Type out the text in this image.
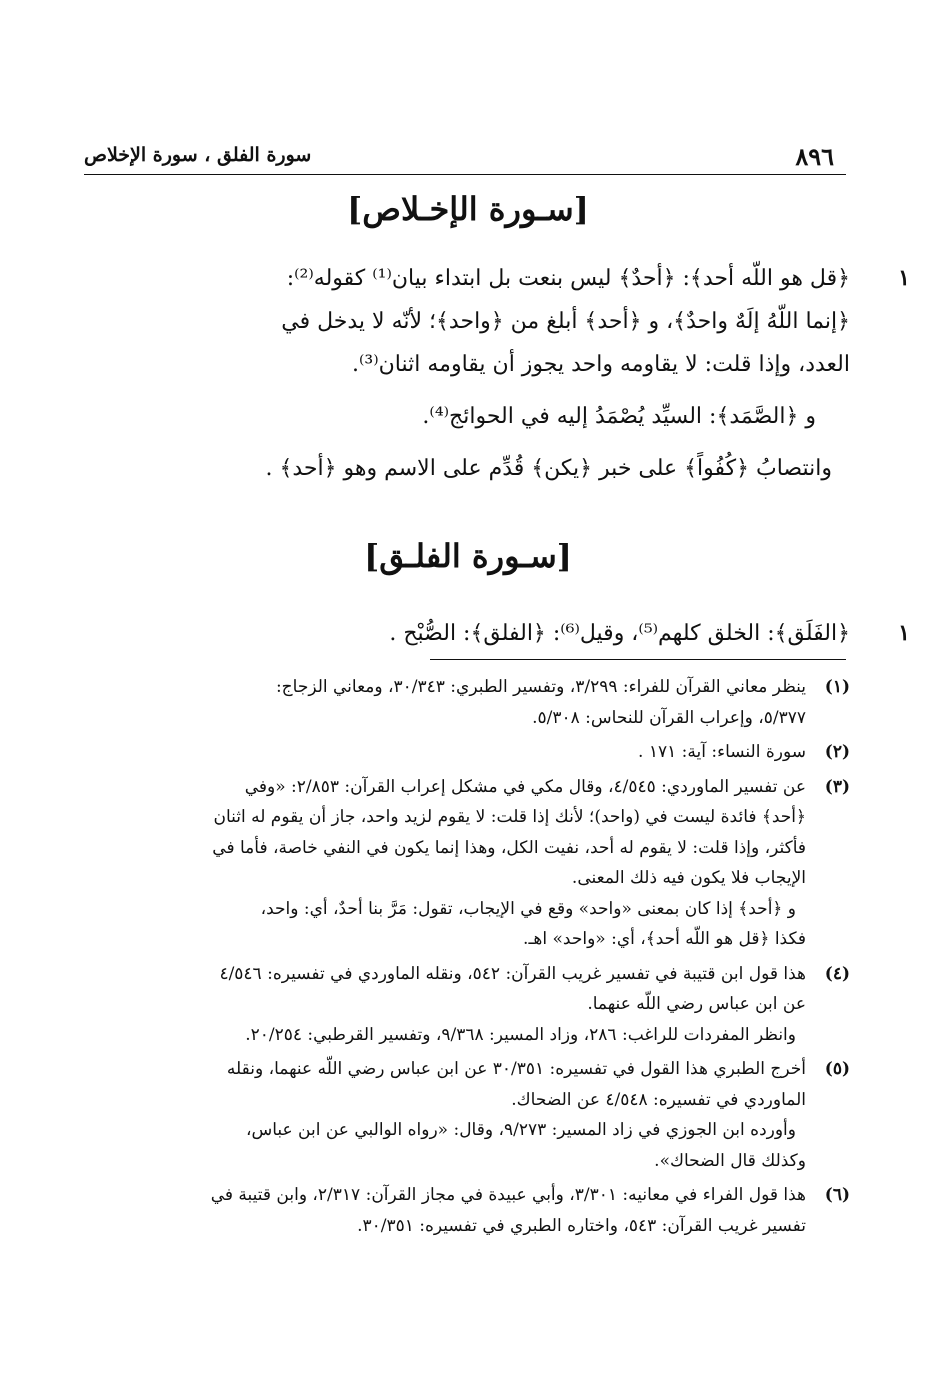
٨٩٦
سورة الفلق ، سورة الإخلاص
[سـورة الإخـلاص]
١
﴿قل هو اللّه أحد﴾: ﴿أحدٌ﴾ ليس بنعت بل ابتداء بيان⁽¹⁾ كقوله⁽²⁾:
﴿إنما اللّهُ إلَهٌ واحدٌ﴾، و ﴿أحد﴾ أبلغ من ﴿واحد﴾؛ لأنّه لا يدخل في
العدد، وإذا قلت: لا يقاومه واحد يجوز أن يقاومه اثنان⁽³⁾.
و ﴿الصَّمَد﴾: السيِّد يُصْمَدُ إليه في الحوائج⁽⁴⁾.
وانتصابُ ﴿كُفُواً﴾ على خبر ﴿يكن﴾ قُدِّم على الاسم وهو ﴿أحد﴾ .
[سـورة الفلـق]
١
﴿الفَلَق﴾: الخلق كلهم⁽⁵⁾، وقيل⁽⁶⁾: ﴿الفلق﴾: الصُّبْح .
(١)
ينظر معاني القرآن للفراء: ٣/٢٩٩، وتفسير الطبري: ٣٠/٣٤٣، ومعاني الزجاج:
٥/٣٧٧، وإعراب القرآن للنحاس: ٥/٣٠٨.
(٢)
سورة النساء: آية: ١٧١ .
(٣)
عن تفسير الماوردي: ٤/٥٤٥، وقال مكي في مشكل إعراب القرآن: ٢/٨٥٣: «وفي
﴿أحد﴾ فائدة ليست في (واحد)؛ لأنك إذا قلت: لا يقوم لزيد واحد، جاز أن يقوم له اثنان
فأكثر، وإذا قلت: لا يقوم له أحد، نفيت الكل، وهذا إنما يكون في النفي خاصة، فأما في
الإيجاب فلا يكون فيه ذلك المعنى.
و ﴿أحد﴾ إذا كان بمعنى «واحد» وقع في الإيجاب، تقول: مَرَّ بنا أحدٌ، أي: واحد،
فكذا ﴿قل هو اللّه أحد﴾، أي: «واحد» اهـ.
(٤)
هذا قول ابن قتيبة في تفسير غريب القرآن: ٥٤٢، ونقله الماوردي في تفسيره: ٤/٥٤٦
عن ابن عباس رضي اللّه عنهما.
وانظر المفردات للراغب: ٢٨٦، وزاد المسير: ٩/٣٦٨، وتفسير القرطبي: ٢٠/٢٥٤.
(٥)
أخرج الطبري هذا القول في تفسيره: ٣٠/٣٥١ عن ابن عباس رضي اللّه عنهما، ونقله
الماوردي في تفسيره: ٤/٥٤٨ عن الضحاك.
وأورده ابن الجوزي في زاد المسير: ٩/٢٧٣، وقال: «رواه الوالبي عن ابن عباس،
وكذلك قال الضحاك».
(٦)
هذا قول الفراء في معانيه: ٣/٣٠١، وأبي عبيدة في مجاز القرآن: ٢/٣١٧، وابن قتيبة في
تفسير غريب القرآن: ٥٤٣، واختاره الطبري في تفسيره: ٣٠/٣٥١.
